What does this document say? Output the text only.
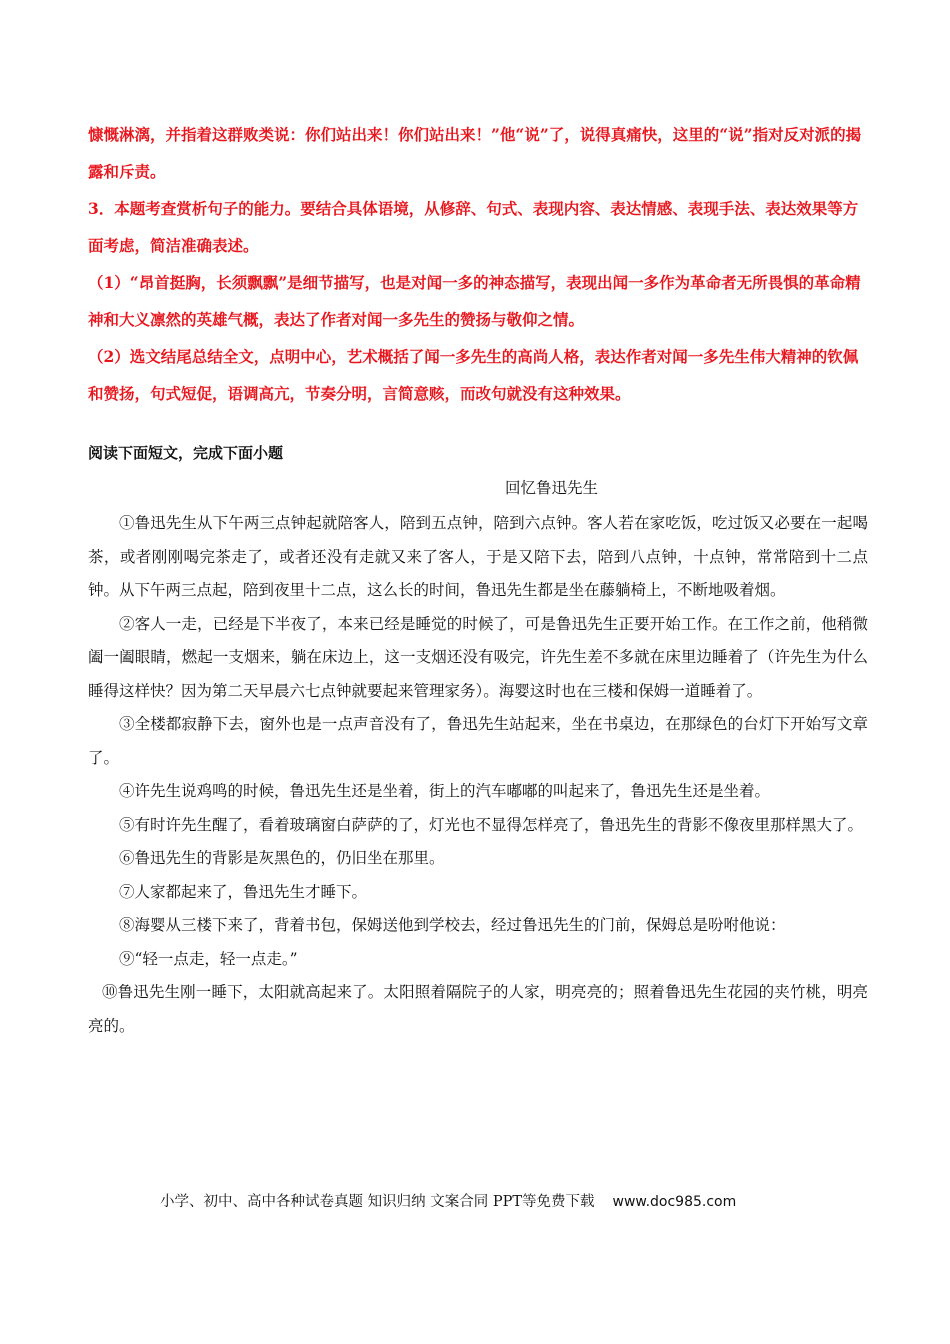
慷慨淋漓，并指着这群败类说：你们站出来！你们站出来！”他“说”了，说得真痛快，这里的“说”指对反对派的揭露和斥责。

3．本题考查赏析句子的能力。要结合具体语境，从修辞、句式、表现内容、表达情感、表现手法、表达效果等方面考虑，简洁准确表述。

（1）“昂首挺胸，长须飘飘”是细节描写，也是对闻一多的神态描写，表现出闻一多作为革命者无所畏惧的革命精神和大义凛然的英雄气概，表达了作者对闻一多先生的赞扬与敬仰之情。

（2）选文结尾总结全文，点明中心，艺术概括了闻一多先生的高尚人格，表达作者对闻一多先生伟大精神的钦佩和赞扬，句式短促，语调高亢，节奏分明，言简意赅，而改句就没有这种效果。

阅读下面短文，完成下面小题
回忆鲁迅先生

①鲁迅先生从下午两三点钟起就陪客人，陪到五点钟，陪到六点钟。客人若在家吃饭，吃过饭又必要在一起喝茶，或者刚刚喝完茶走了，或者还没有走就又来了客人，于是又陪下去，陪到八点钟，十点钟，常常陪到十二点钟。从下午两三点起，陪到夜里十二点，这么长的时间，鲁迅先生都是坐在藤躺椅上，不断地吸着烟。

②客人一走，已经是下半夜了，本来已经是睡觉的时候了，可是鲁迅先生正要开始工作。在工作之前，他稍微阖一阖眼睛，燃起一支烟来，躺在床边上，这一支烟还没有吸完，许先生差不多就在床里边睡着了（许先生为什么睡得这样快？因为第二天早晨六七点钟就要起来管理家务）。海婴这时也在三楼和保姆一道睡着了。

③全楼都寂静下去，窗外也是一点声音没有了，鲁迅先生站起来，坐在书桌边，在那绿色的台灯下开始写文章了。

④许先生说鸡鸣的时候，鲁迅先生还是坐着，街上的汽车嘟嘟的叫起来了，鲁迅先生还是坐着。

⑤有时许先生醒了，看着玻璃窗白萨萨的了，灯光也不显得怎样亮了，鲁迅先生的背影不像夜里那样黑大了。

⑥鲁迅先生的背影是灰黑色的，仍旧坐在那里。

⑦人家都起来了，鲁迅先生才睡下。

⑧海婴从三楼下来了，背着书包，保姆送他到学校去，经过鲁迅先生的门前，保姆总是吩咐他说：

⑨“轻一点走，轻一点走。”

⑩鲁迅先生刚一睡下，太阳就高起来了。太阳照着隔院子的人家，明亮亮的；照着鲁迅先生花园的夹竹桃，明亮亮的。

小学、初中、高中各种试卷真题 知识归纳 文案合同 PPT等免费下载 www.doc985.com
